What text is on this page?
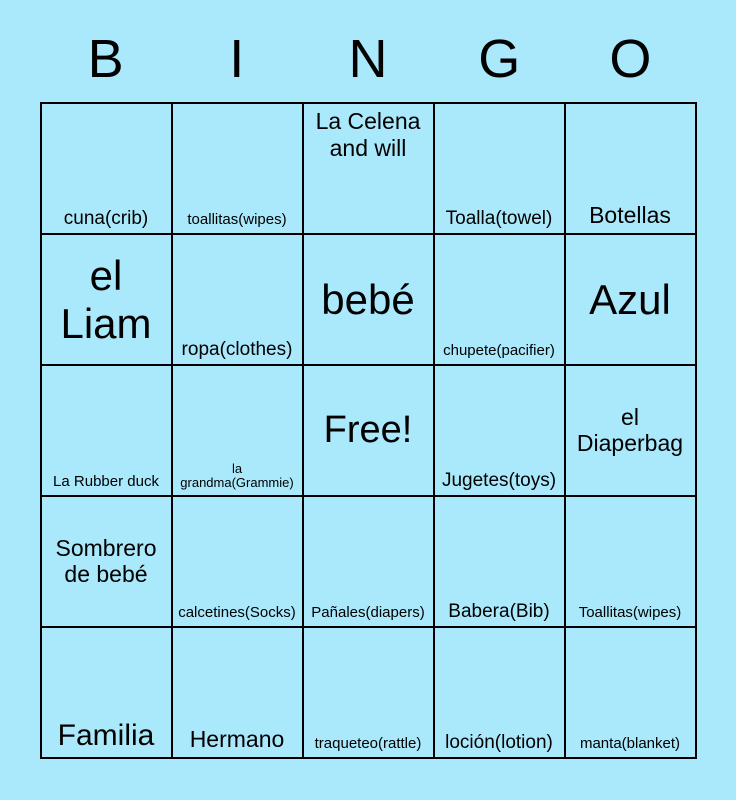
B	I	N	G	O
cuna(crib)	toallitas(wipes)	La Celena and will	Toalla(towel)	Botellas

el Liam	ropa(clothes)	bebé	chupete(pacifier)	Azul

La Rubber duck	la grandma(Grammie)	Free!	Jugetes(toys)	el Diaperbag

Sombrero de bebé	calcetines(Socks)	Pañales(diapers)	Babera(Bib)	Toallitas(wipes)

Familia	Hermano	traqueteo(rattle)	loción(lotion)	manta(blanket)
